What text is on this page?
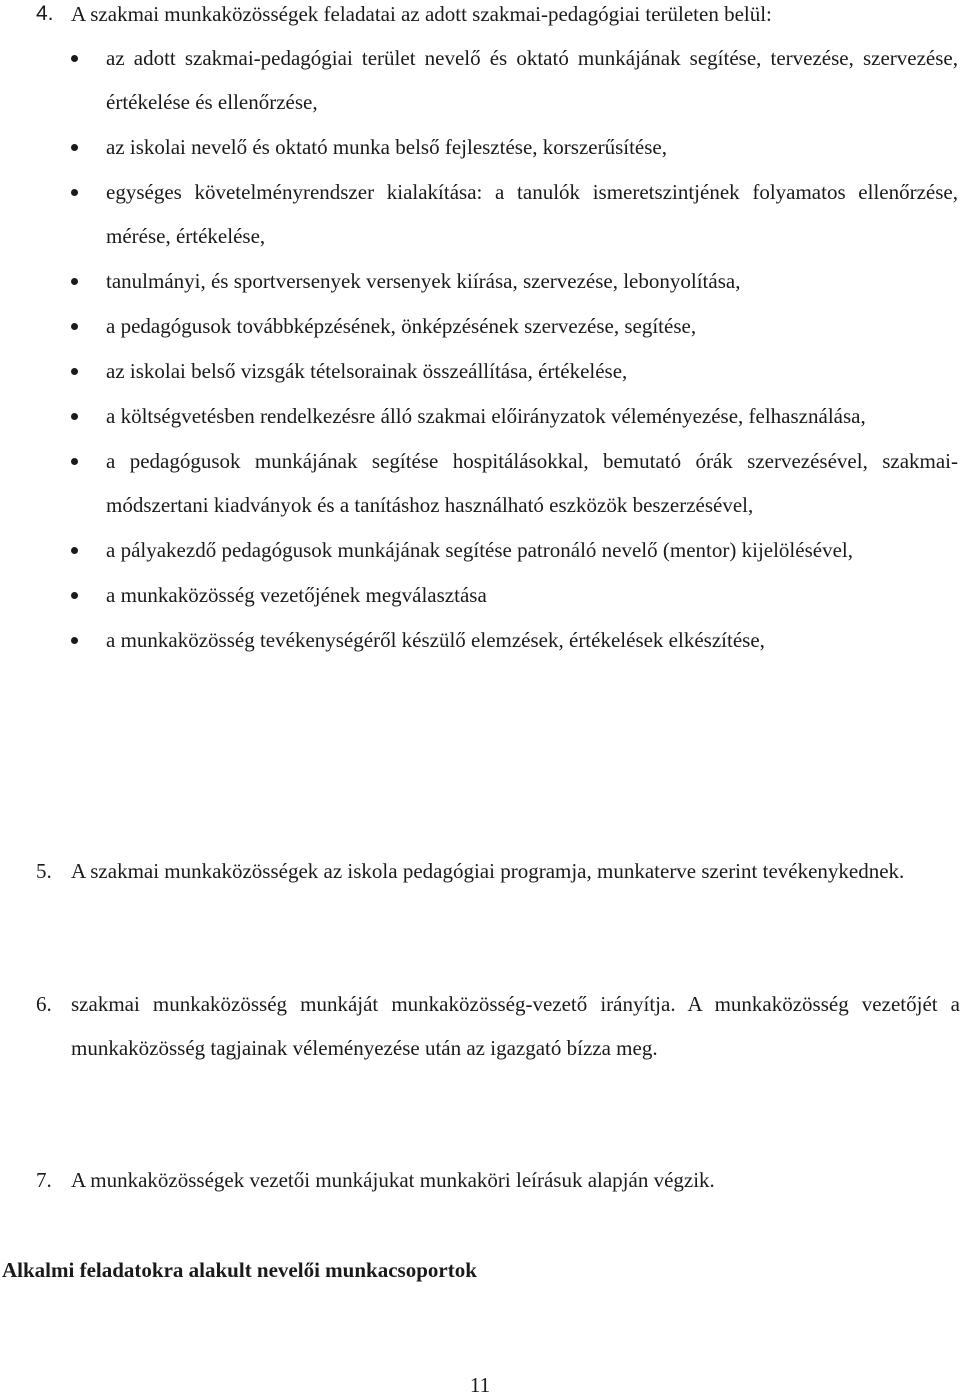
4. A szakmai munkaközösségek feladatai az adott szakmai-pedagógiai területen belül:
az adott szakmai-pedagógiai terület nevelő és oktató munkájának segítése, tervezése, szervezése, értékelése és ellenőrzése,
az iskolai nevelő és oktató munka belső fejlesztése, korszerűsítése,
egységes követelményrendszer kialakítása: a tanulók ismeretszintjének folyamatos ellenőrzése, mérése, értékelése,
tanulmányi, és sportversenyek versenyek kiírása, szervezése, lebonyolítása,
a pedagógusok továbbképzésének, önképzésének szervezése, segítése,
az iskolai belső vizsgák tételsorainak összeállítása, értékelése,
a költségvetésben rendelkezésre álló szakmai előirányzatok véleményezése, felhasználása,
a pedagógusok munkájának segítése hospitálásokkal, bemutató órák szervezésével, szakmai-módszertani kiadványok és a tanításhoz használható eszközök beszerzésével,
a pályakezdő pedagógusok munkájának segítése patronáló nevelő (mentor) kijelölésével,
a munkaközösség vezetőjének megválasztása
a munkaközösség tevékenységéről készülő elemzések, értékelések elkészítése,
5. A szakmai munkaközösségek az iskola pedagógiai programja, munkaterve szerint tevékenykednek.
6. szakmai munkaközösség munkáját munkaközösség-vezető irányítja. A munkaközösség vezetőjét a munkaközösség tagjainak véleményezése után az igazgató bízza meg.
7. A munkaközösségek vezetői munkájukat munkaköri leírásuk alapján végzik.
Alkalmi feladatokra alakult nevelői munkacsoportok
11
